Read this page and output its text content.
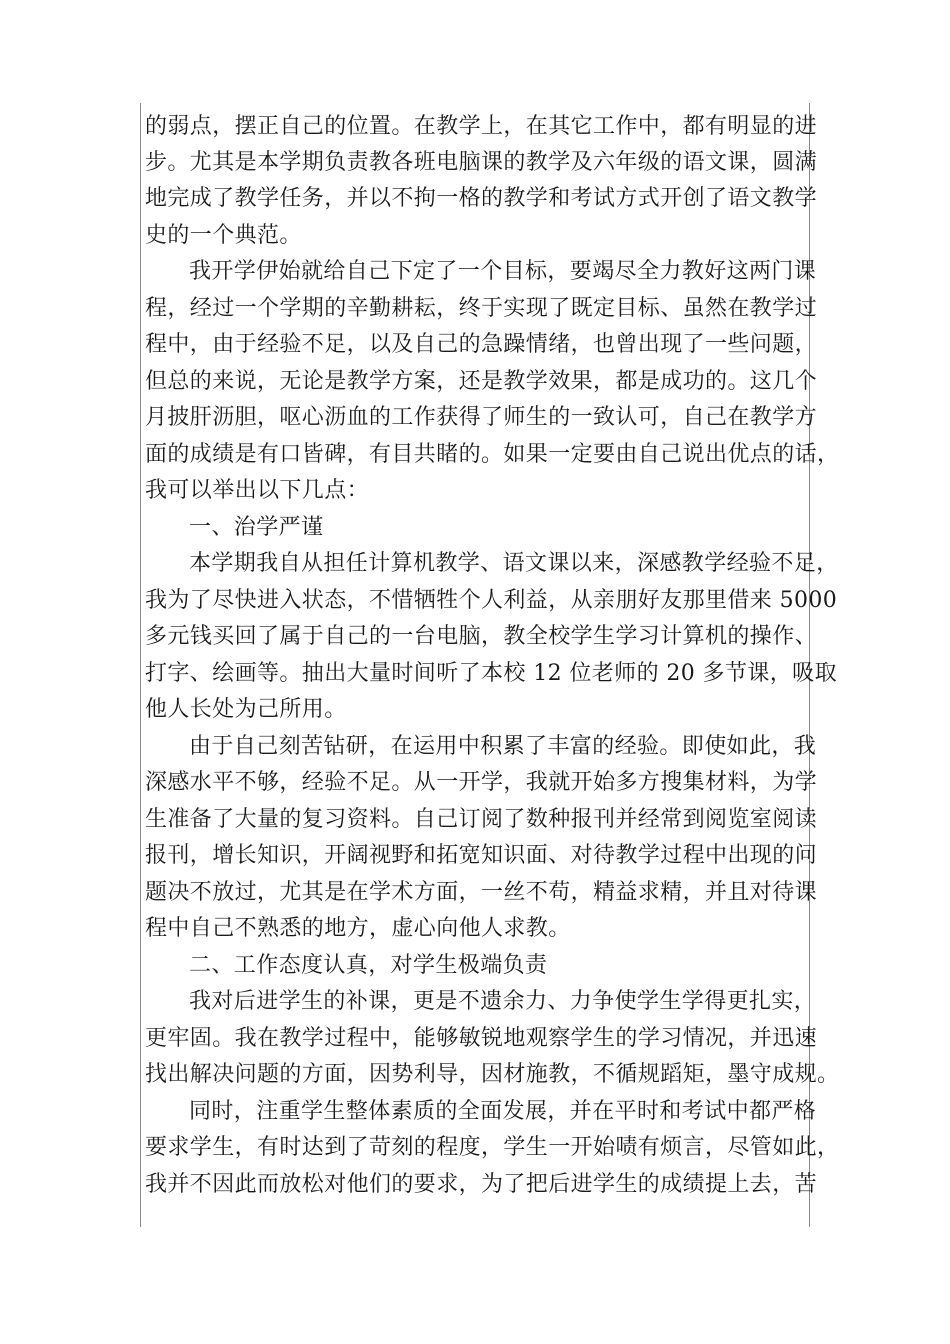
的弱点，摆正自己的位置。在教学上，在其它工作中，都有明显的进
步。尤其是本学期负责教各班电脑课的教学及六年级的语文课，圆满
地完成了教学任务，并以不拘一格的教学和考试方式开创了语文教学
史的一个典范。
我开学伊始就给自己下定了一个目标，要竭尽全力教好这两门课
程，经过一个学期的辛勤耕耘，终于实现了既定目标、虽然在教学过
程中，由于经验不足，以及自己的急躁情绪，也曾出现了一些问题，
但总的来说，无论是教学方案，还是教学效果，都是成功的。这几个
月披肝沥胆，呕心沥血的工作获得了师生的一致认可，自己在教学方
面的成绩是有口皆碑，有目共睹的。如果一定要由自己说出优点的话，
我可以举出以下几点：
一、治学严谨
本学期我自从担任计算机教学、语文课以来，深感教学经验不足，
我为了尽快进入状态，不惜牺牲个人利益，从亲朋好友那里借来 5000
多元钱买回了属于自己的一台电脑，教全校学生学习计算机的操作、
打字、绘画等。抽出大量时间听了本校 12 位老师的 20 多节课，吸取
他人长处为己所用。
由于自己刻苦钻研，在运用中积累了丰富的经验。即使如此，我
深感水平不够，经验不足。从一开学，我就开始多方搜集材料，为学
生准备了大量的复习资料。自己订阅了数种报刊并经常到阅览室阅读
报刊，增长知识，开阔视野和拓宽知识面、对待教学过程中出现的问
题决不放过，尤其是在学术方面，一丝不苟，精益求精，并且对待课
程中自己不熟悉的地方，虚心向他人求教。
二、工作态度认真，对学生极端负责
我对后进学生的补课，更是不遗余力、力争使学生学得更扎实，
更牢固。我在教学过程中，能够敏锐地观察学生的学习情况，并迅速
找出解决问题的方面，因势利导，因材施教，不循规蹈矩，墨守成规。
同时，注重学生整体素质的全面发展，并在平时和考试中都严格
要求学生，有时达到了苛刻的程度，学生一开始啧有烦言，尽管如此，
我并不因此而放松对他们的要求，为了把后进学生的成绩提上去，苦
